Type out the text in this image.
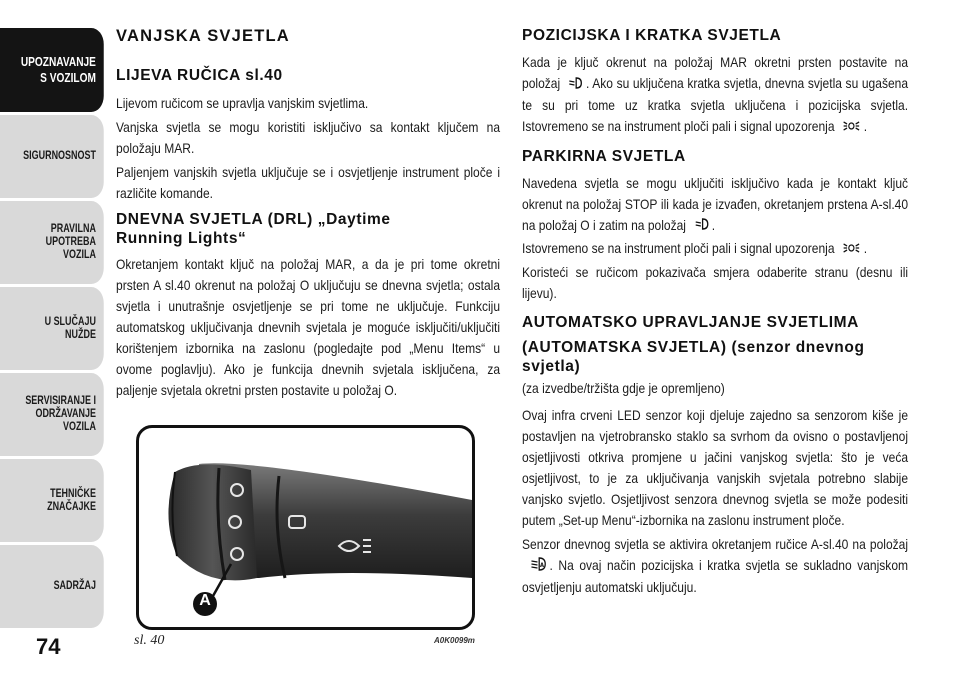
UPOZNAVANJE
S VOZILOM
SIGURNOSNOST
PRAVILNA
UPOTREBA
VOZILA
U SLUČAJU
NUŽDE
SERVISIRANJE I
ODRŽAVANJE
VOZILA
TEHNIČKE
ZNAČAJKE
SADRŽAJ
74
VANJSKA SVJETLA
LIJEVA RUČICA sl.40
Lijevom ručicom se upravlja vanjskim svjetlima.
Vanjska svjetla se mogu koristiti isključivo sa kontakt ključem na položaju MAR.
Paljenjem vanjskih svjetla uključuje se i osvjetljenje instrument ploče i različite komande.
DNEVNA SVJETLA (DRL) „Daytime Running Lights“
Okretanjem kontakt ključ na položaj MAR, a da je pri tome okretni prsten A sl.40 okrenut na položaj O uključuju se dnevna svjetla; ostala svjetla i unutrašnje osvjetljenje se pri tome ne uključuje. Funkciju automatskog uključivanja dnevnih svjetala je moguće isključiti/uključiti korištenjem izbornika na zaslonu (pogledajte pod „Menu Items“ u ovome poglavlju). Ako je funkcija dnevnih svjetala isključena, za paljenje svjetala okretni prsten postavite u položaj O.
A
sl. 40	A0K0099m
POZICIJSKA I KRATKA SVJETLA
Kada je ključ okrenut na položaj MAR okretni prsten postavite na položaj . Ako su uključena kratka svjetla, dnevna svjetla su ugašena te su pri tome uz kratka svjetla uključena i pozicijska svjetla. Istovremeno se na instrument ploči pali i signal upozorenja .
PARKIRNA SVJETLA
Navedena svjetla se mogu uključiti isključivo kada je kontakt ključ okrenut na položaj STOP ili kada je izvađen, okretanjem prstena A-sl.40 na položaj O i zatim na položaj .
Istovremeno se na instrument ploči pali i signal upozorenja .
Koristeći se ručicom pokazivača smjera odaberite stranu (desnu ili lijevu).
AUTOMATSKO UPRAVLJANJE SVJETLIMA
(AUTOMATSKA SVJETLA) (senzor dnevnog svjetla)
(za izvedbe/tržišta gdje je opremljeno)
Ovaj infra crveni LED senzor koji djeluje zajedno sa senzorom kiše je postavljen na vjetrobransko staklo sa svrhom da ovisno o postavljenoj osjetljivosti otkriva promjene u jačini vanjskog svjetla: što je veća osjetljivost, to je za uključivanja vanjskih svjetala potrebno slabije vanjsko svjetlo. Osjetljivost senzora dnevnog svjetla se može podesiti putem „Set-up Menu“-izbornika na zaslonu instrument ploče.
Senzor dnevnog svjetla se aktivira okretanjem ručice A-sl.40 na položaj
A . Na ovaj način pozicijska i kratka svjetla se sukladno vanjskom osvjetljenju automatski uključuju.
